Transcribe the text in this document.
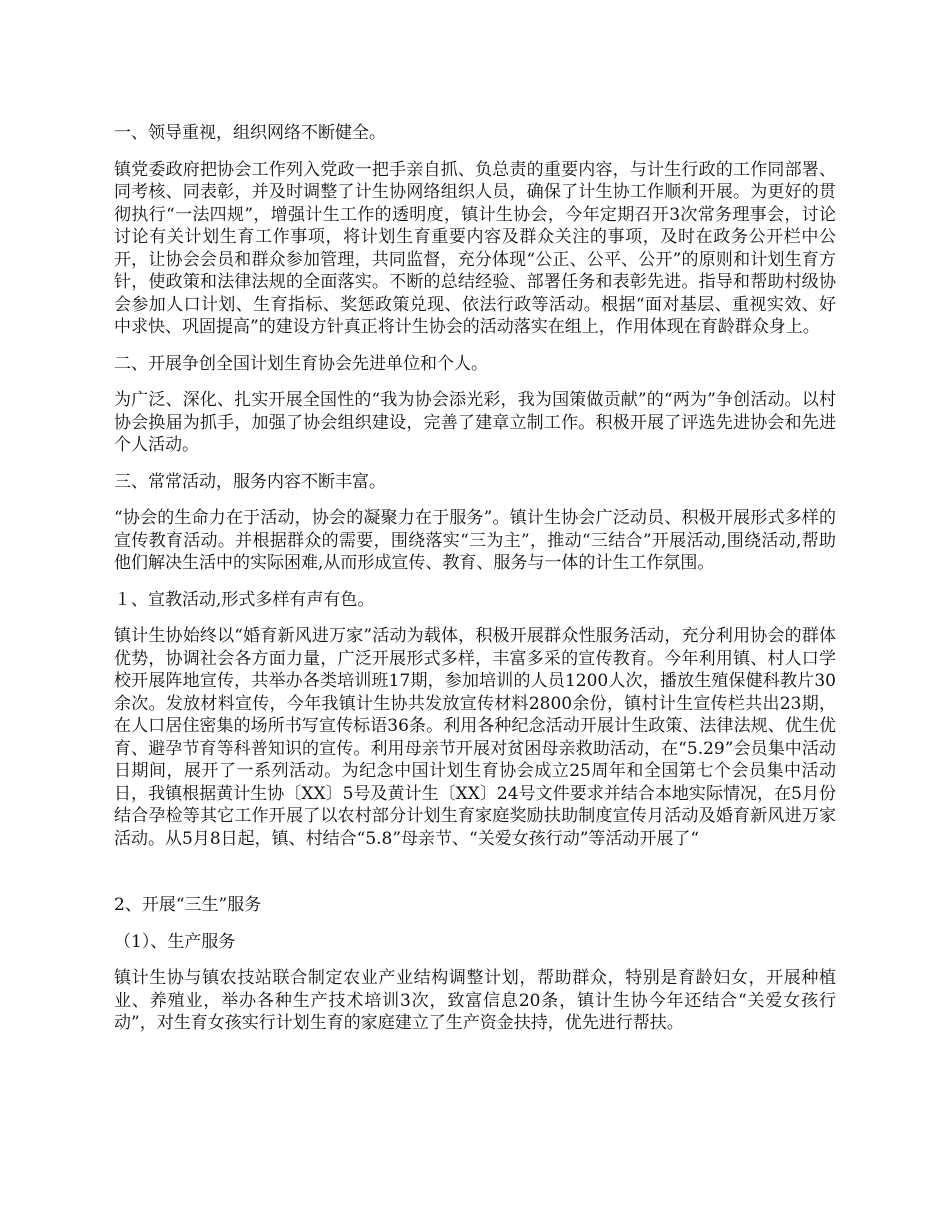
一、领导重视，组织网络不断健全。

镇党委政府把协会工作列入党政一把手亲自抓、负总责的重要内容，与计生行政的工作同部署、同考核、同表彰，并及时调整了计生协网络组织人员，确保了计生协工作顺利开展。为更好的贯彻执行“一法四规”，增强计生工作的透明度，镇计生协会，今年定期召开3次常务理事会，讨论讨论有关计划生育工作事项，将计划生育重要内容及群众关注的事项，及时在政务公开栏中公开，让协会会员和群众参加管理，共同监督，充分体现“公正、公平、公开”的原则和计划生育方针，使政策和法律法规的全面落实。不断的总结经验、部署任务和表彰先进。指导和帮助村级协会参加人口计划、生育指标、奖惩政策兑现、依法行政等活动。根据“面对基层、重视实效、好中求快、巩固提高”的建设方针真正将计生协会的活动落实在组上，作用体现在育龄群众身上。

二、开展争创全国计划生育协会先进单位和个人。

为广泛、深化、扎实开展全国性的“我为协会添光彩，我为国策做贡献”的“两为”争创活动。以村协会换届为抓手，加强了协会组织建设，完善了建章立制工作。积极开展了评选先进协会和先进个人活动。

三、常常活动，服务内容不断丰富。

“协会的生命力在于活动，协会的凝聚力在于服务”。镇计生协会广泛动员、积极开展形式多样的宣传教育活动。并根据群众的需要，围绕落实“三为主”，推动“三结合”开展活动,围绕活动,帮助他们解决生活中的实际困难,从而形成宣传、教育、服务与一体的计生工作氛围。

１、宣教活动,形式多样有声有色。

镇计生协始终以“婚育新风进万家”活动为载体，积极开展群众性服务活动，充分利用协会的群体优势，协调社会各方面力量，广泛开展形式多样，丰富多采的宣传教育。今年利用镇、村人口学校开展阵地宣传，共举办各类培训班17期，参加培训的人员1200人次，播放生殖保健科教片30余次。发放材料宣传，今年我镇计生协共发放宣传材料2800余份，镇村计生宣传栏共出23期，在人口居住密集的场所书写宣传标语36条。利用各种纪念活动开展计生政策、法律法规、优生优育、避孕节育等科普知识的宣传。利用母亲节开展对贫困母亲救助活动，在“5.29”会员集中活动日期间，展开了一系列活动。为纪念中国计划生育协会成立25周年和全国第七个会员集中活动日，我镇根据黄计生协〔XX〕5号及黄计生〔XX〕24号文件要求并结合本地实际情况，在5月份结合孕检等其它工作开展了以农村部分计划生育家庭奖励扶助制度宣传月活动及婚育新风进万家活动。从5月8日起，镇、村结合“5.8”母亲节、“关爱女孩行动”等活动开展了“

2、开展“三生”服务

（1）、生产服务

镇计生协与镇农技站联合制定农业产业结构调整计划，帮助群众，特别是育龄妇女，开展种植业、养殖业，举办各种生产技术培训3次，致富信息20条，镇计生协今年还结合“关爱女孩行动”，对生育女孩实行计划生育的家庭建立了生产资金扶持，优先进行帮扶。
